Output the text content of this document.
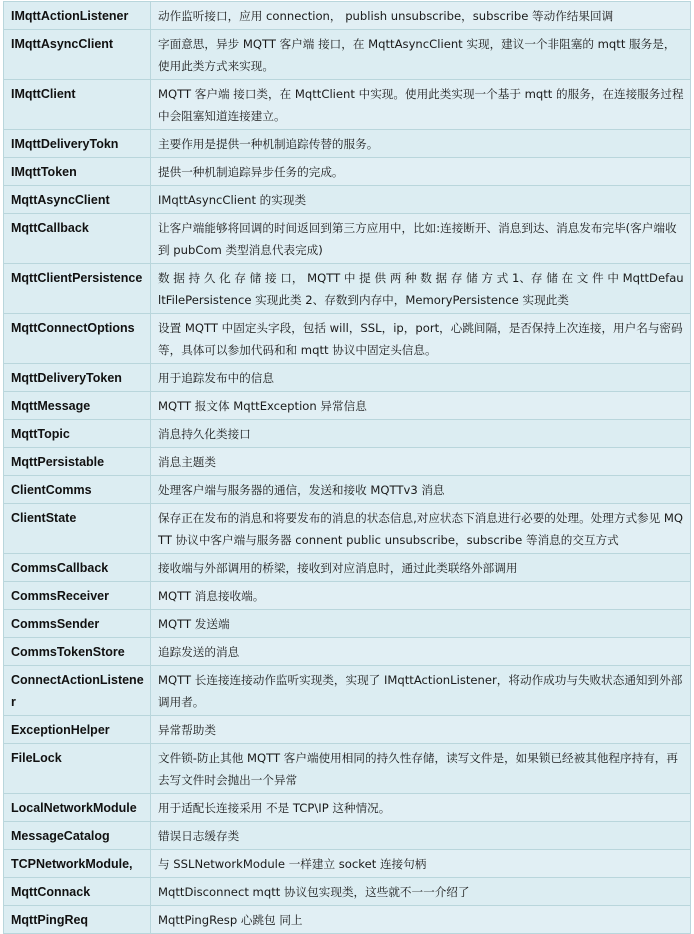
IMqttActionListener	动作监听接口，应用 connection， publish unsubscribe，subscribe 等动作结果回调
IMqttAsyncClient	字面意思，异步 MQTT 客户端 接口，在 MqttAsyncClient 实现，建议一个非阻塞的 mqtt 服务是，使用此类方式来实现。
IMqttClient	MQTT 客户端 接口类，在 MqttClient 中实现。使用此类实现一个基于 mqtt 的服务，在连接服务过程中会阻塞知道连接建立。
IMqttDeliveryTokn	主要作用是提供一种机制追踪传替的服务。
IMqttToken	提供一种机制追踪异步任务的完成。
MqttAsyncClient	IMqttAsyncClient 的实现类
MqttCallback	让客户端能够将回调的时间返回到第三方应用中，比如:连接断开、消息到达、消息发布完毕(客户端收到 pubCom 类型消息代表完成)
MqttClientPersistence	数 据 持 久 化 存 储 接 口， MQTT 中 提 供 两 种 数 据 存 储 方 式 1、存 储 在 文 件 中 MqttDefaultFilePersistence 实现此类 2、存数到内存中，MemoryPersistence 实现此类
MqttConnectOptions	设置 MQTT 中固定头字段，包括 will，SSL，ip，port，心跳间隔，是否保持上次连接，用户名与密码等，具体可以参加代码和和 mqtt 协议中固定头信息。
MqttDeliveryToken	用于追踪发布中的信息
MqttMessage	MQTT 报文体 MqttException 异常信息
MqttTopic	消息持久化类接口
MqttPersistable	消息主题类
ClientComms	处理客户端与服务器的通信，发送和接收 MQTTv3 消息
ClientState	保存正在发布的消息和将要发布的消息的状态信息,对应状态下消息进行必要的处理。处理方式参见 MQTT 协议中客户端与服务器 connent public unsubscribe，subscribe 等消息的交互方式
CommsCallback	接收端与外部调用的桥梁，接收到对应消息时，通过此类联络外部调用
CommsReceiver	MQTT 消息接收端。
CommsSender	MQTT 发送端
CommsTokenStore	追踪发送的消息
ConnectActionListener	MQTT 长连接连接动作监听实现类，实现了 IMqttActionListener，将动作成功与失败状态通知到外部调用者。
ExceptionHelper	异常帮助类
FileLock	文件锁-防止其他 MQTT 客户端使用相同的持久性存储，读写文件是，如果锁已经被其他程序持有，再去写文件时会抛出一个异常
LocalNetworkModule	用于适配长连接采用 不是 TCP\IP 这种情况。
MessageCatalog	错误日志缓存类
TCPNetworkModule,	与 SSLNetworkModule 一样建立 socket 连接句柄
MqttConnack	MqttDisconnect mqtt 协议包实现类，这些就不一一介绍了
MqttPingReq	MqttPingResp 心跳包 同上
